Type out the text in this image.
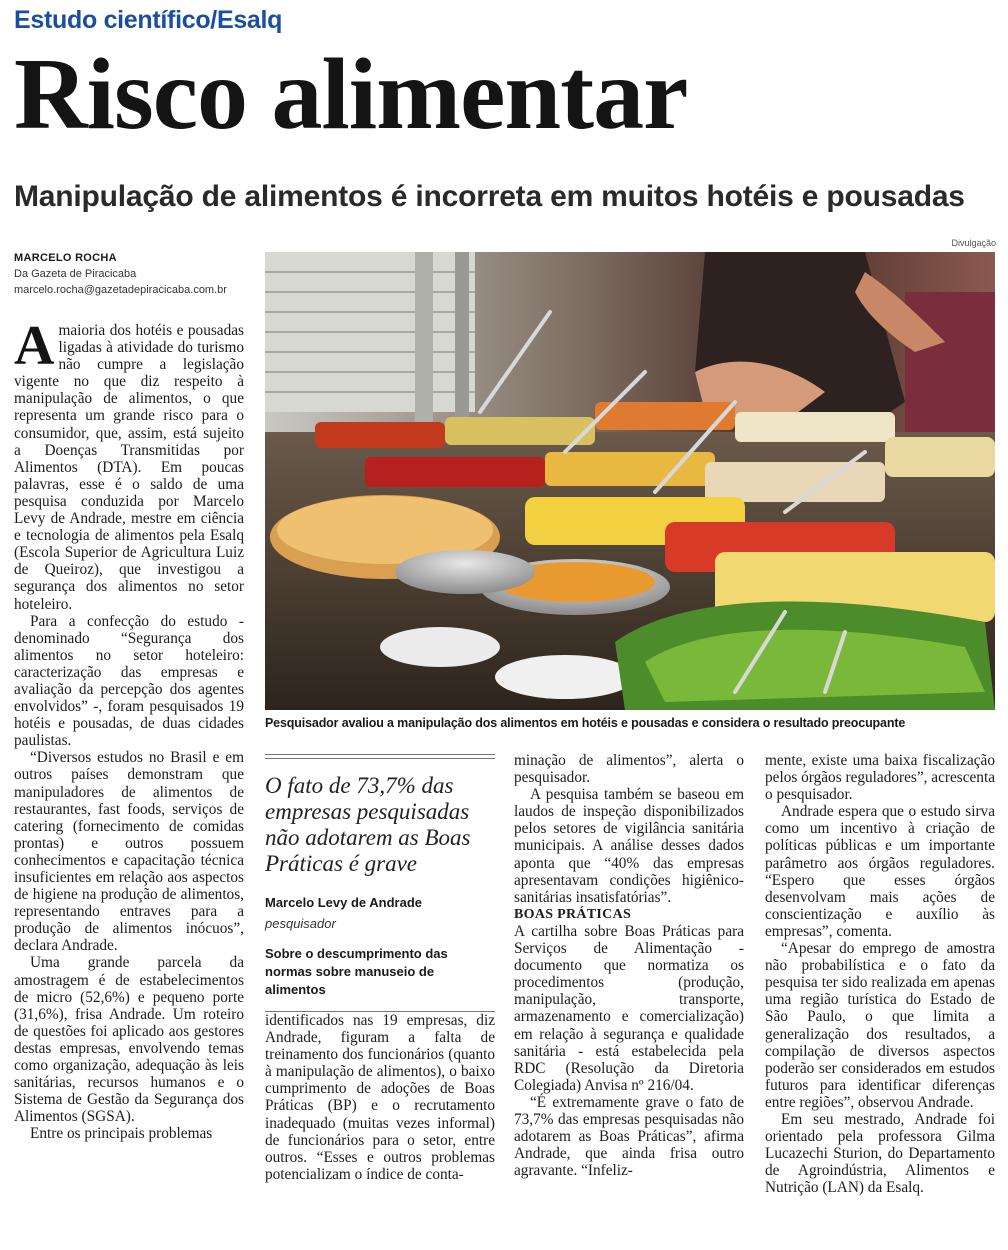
Estudo científico/Esalq
Risco alimentar
Manipulação de alimentos é incorreta em muitos hotéis e pousadas
MARCELO ROCHA
Da Gazeta de Piracicaba
marcelo.rocha@gazetadepiracicaba.com.br
Divulgação
Pesquisador avaliou a manipulação dos alimentos em hotéis e pousadas e considera o resultado preocupante

A maioria dos hotéis e pousadas ligadas à atividade do turismo não cumpre a legislação vigente no que diz respeito à manipulação de alimentos, o que representa um grande risco para o consumidor, que, assim, está sujeito a Doenças Transmitidas por Alimentos (DTA). Em poucas palavras, esse é o saldo de uma pesquisa conduzida por Marcelo Levy de Andrade, mestre em ciência e tecnologia de alimentos pela Esalq (Escola Superior de Agricultura Luiz de Queiroz), que investigou a segurança dos alimentos no setor hoteleiro.

Para a confecção do estudo - denominado “Segurança dos alimentos no setor hoteleiro: caracterização das empresas e avaliação da percepção dos agentes envolvidos” -, foram pesquisados 19 hotéis e pousadas, de duas cidades paulistas.

“Diversos estudos no Brasil e em outros países demonstram que manipuladores de alimentos de restaurantes, fast foods, serviços de catering (fornecimento de comidas prontas) e outros possuem conhecimentos e capacitação técnica insuficientes em relação aos aspectos de higiene na produção de alimentos, representando entraves para a produção de alimentos inócuos”, declara Andrade.

Uma grande parcela da amostragem é de estabelecimentos de micro (52,6%) e pequeno porte (31,6%), frisa Andrade. Um roteiro de questões foi aplicado aos gestores destas empresas, envolvendo temas como organização, adequação às leis sanitárias, recursos humanos e o Sistema de Gestão da Segurança dos Alimentos (SGSA).

Entre os principais problemas

O fato de 73,7% das empresas pesquisadas não adotarem as Boas Práticas é grave
Marcelo Levy de Andrade
pesquisador
Sobre o descumprimento das normas sobre manuseio de alimentos

identificados nas 19 empresas, diz Andrade, figuram a falta de treinamento dos funcionários (quanto à manipulação de alimentos), o baixo cumprimento de adoções de Boas Práticas (BP) e o recrutamento inadequado (muitas vezes informal) de funcionários para o setor, entre outros. “Esses e outros problemas potencializam o índice de conta-

minação de alimentos”, alerta o pesquisador.

A pesquisa também se baseou em laudos de inspeção disponibilizados pelos setores de vigilância sanitária municipais. A análise desses dados aponta que “40% das empresas apresentavam condições higiênico-sanitárias insatisfatórias”.

BOAS PRÁTICAS

A cartilha sobre Boas Práticas para Serviços de Alimentação - documento que normatiza os procedimentos (produção, manipulação, transporte, armazenamento e comercialização) em relação à segurança e qualidade sanitária - está estabelecida pela RDC (Resolução da Diretoria Colegiada) Anvisa nº 216/04.

“É extremamente grave o fato de 73,7% das empresas pesquisadas não adotarem as Boas Práticas”, afirma Andrade, que ainda frisa outro agravante. “Infeliz-

mente, existe uma baixa fiscalização pelos órgãos reguladores”, acrescenta o pesquisador.

Andrade espera que o estudo sirva como um incentivo à criação de políticas públicas e um importante parâmetro aos órgãos reguladores. “Espero que esses órgãos desenvolvam mais ações de conscientização e auxílio às empresas”, comenta.

“Apesar do emprego de amostra não probabilística e o fato da pesquisa ter sido realizada em apenas uma região turística do Estado de São Paulo, o que limita a generalização dos resultados, a compilação de diversos aspectos poderão ser considerados em estudos futuros para identificar diferenças entre regiões”, observou Andrade.

Em seu mestrado, Andrade foi orientado pela professora Gilma Lucazechi Sturion, do Departamento de Agroindústria, Alimentos e Nutrição (LAN) da Esalq.
